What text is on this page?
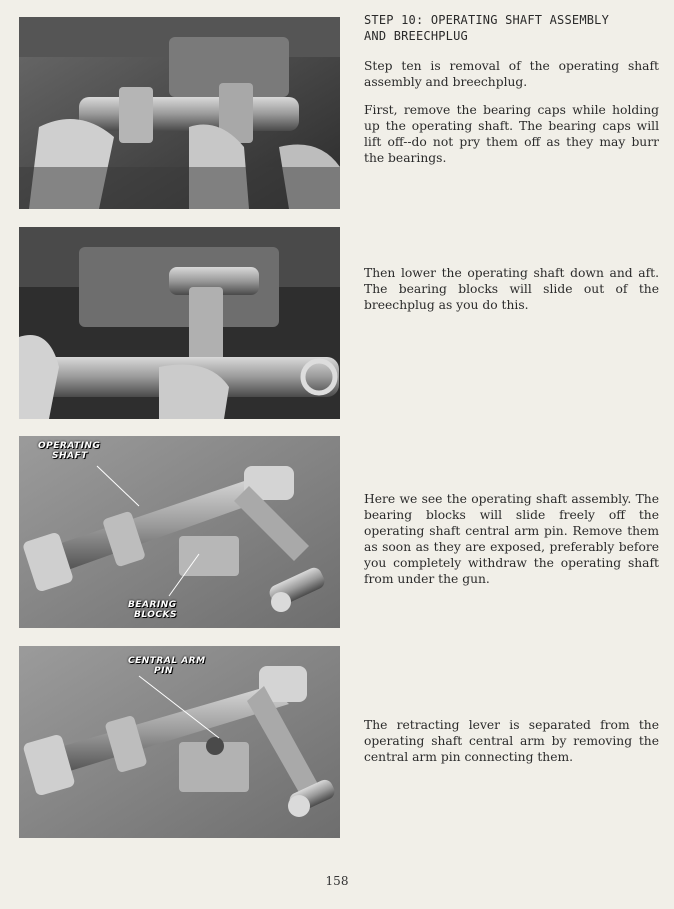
OPERATING
SHAFT
BEARING
BLOCKS
CENTRAL ARM
PIN
STEP 10: OPERATING SHAFT ASSEMBLY
AND BREECHPLUG

Step ten is removal of the operating shaft assembly and breechplug.

First, remove the bearing caps while holding up the operating shaft. The bearing caps will lift off--do not pry them off as they may burr the bearings.

Then lower the operating shaft down and aft. The bearing blocks will slide out of the breechplug as you do this.

Here we see the operating shaft assembly. The bearing blocks will slide freely off the operating shaft central arm pin. Remove them as soon as they are exposed, preferably before you completely withdraw the operating shaft from under the gun.

The retracting lever is separated from the operating shaft central arm by removing the central arm pin connecting them.

158
